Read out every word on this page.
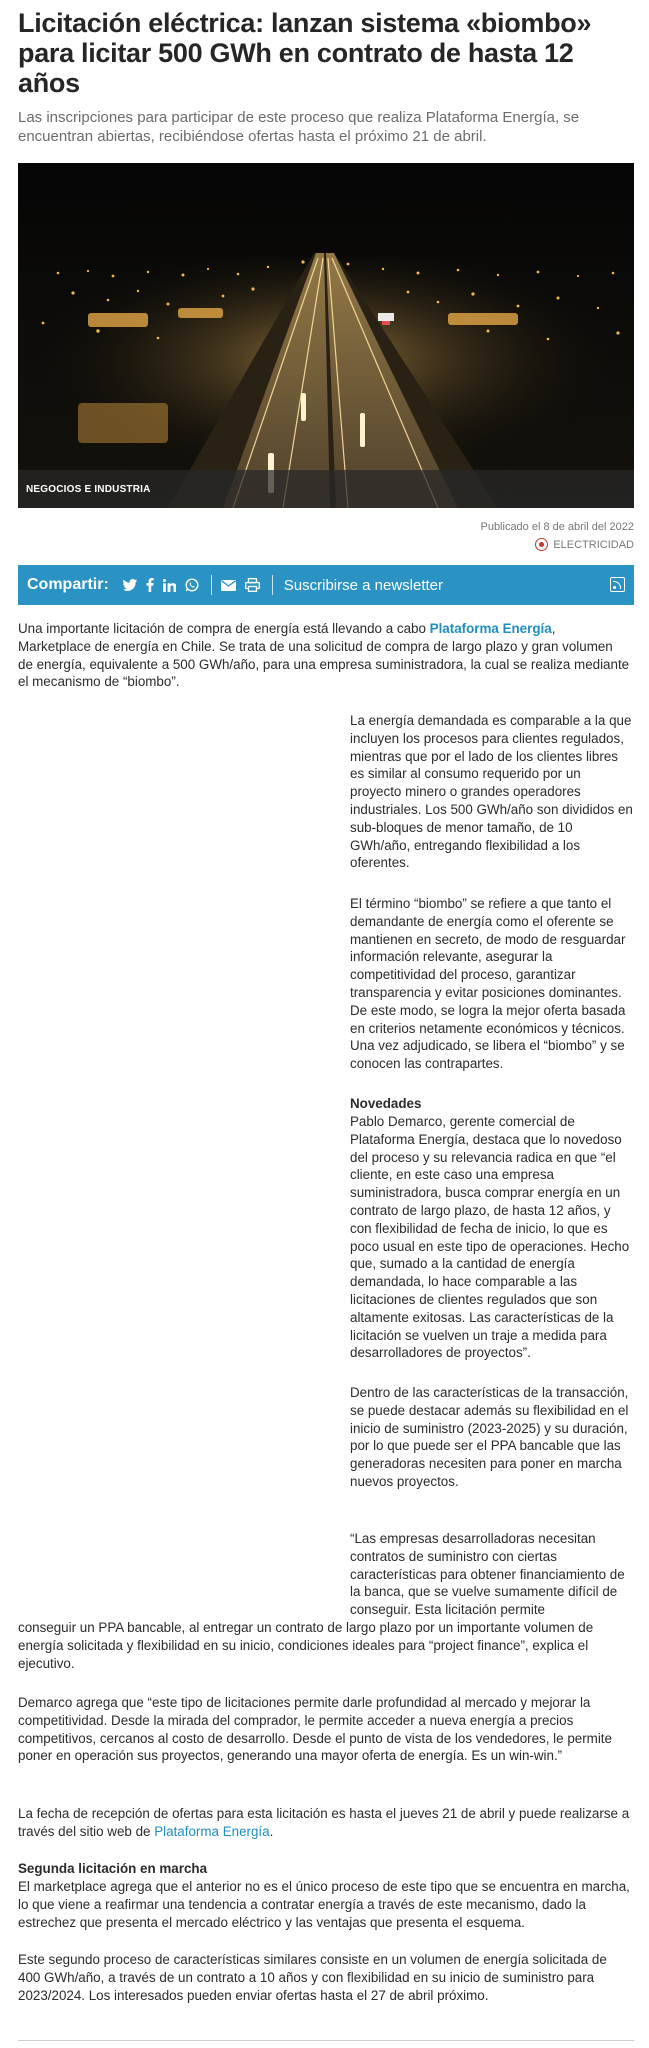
Licitación eléctrica: lanzan sistema «biombo» para licitar 500 GWh en contrato de hasta 12 años

Las inscripciones para participar de este proceso que realiza Plataforma Energía, se encuentran abiertas, recibiéndose ofertas hasta el próximo 21 de abril.

NEGOCIOS E INDUSTRIA
Publicado el 8 de abril del 2022
ELECTRICIDAD
Compartir:	Suscribirse a newsletter

Una importante licitación de compra de energía está llevando a cabo Plataforma Energía, Marketplace de energía en Chile. Se trata de una solicitud de compra de largo plazo y gran volumen de energía, equivalente a 500 GWh/año, para una empresa suministradora, la cual se realiza mediante el mecanismo de “biombo”.

La energía demandada es comparable a la que incluyen los procesos para clientes regulados, mientras que por el lado de los clientes libres es similar al consumo requerido por un proyecto minero o grandes operadores industriales. Los 500 GWh/año son divididos en sub-bloques de menor tamaño, de 10 GWh/año, entregando flexibilidad a los oferentes.

El término “biombo” se refiere a que tanto el demandante de energía como el oferente se mantienen en secreto, de modo de resguardar información relevante, asegurar la competitividad del proceso, garantizar transparencia y evitar posiciones dominantes. De este modo, se logra la mejor oferta basada en criterios netamente económicos y técnicos. Una vez adjudicado, se libera el “biombo” y se conocen las contrapartes.

Novedades

Pablo Demarco, gerente comercial de Plataforma Energía, destaca que lo novedoso del proceso y su relevancia radica en que “el cliente, en este caso una empresa suministradora, busca comprar energía en un contrato de largo plazo, de hasta 12 años, y con flexibilidad de fecha de inicio, lo que es poco usual en este tipo de operaciones. Hecho que, sumado a la cantidad de energía demandada, lo hace comparable a las licitaciones de clientes regulados que son altamente exitosas. Las características de la licitación se vuelven un traje a medida para desarrolladores de proyectos”.

Dentro de las características de la transacción, se puede destacar además su flexibilidad en el inicio de suministro (2023-2025) y su duración, por lo que puede ser el PPA bancable que las generadoras necesiten para poner en marcha nuevos proyectos.

“Las empresas desarrolladoras necesitan contratos de suministro con ciertas características para obtener financiamiento de la banca, que se vuelve sumamente difícil de conseguir. Esta licitación permite

conseguir un PPA bancable, al entregar un contrato de largo plazo por un importante volumen de energía solicitada y flexibilidad en su inicio, condiciones ideales para “project finance”, explica el ejecutivo.

Demarco agrega que “este tipo de licitaciones permite darle profundidad al mercado y mejorar la competitividad. Desde la mirada del comprador, le permite acceder a nueva energía a precios competitivos, cercanos al costo de desarrollo. Desde el punto de vista de los vendedores, le permite poner en operación sus proyectos, generando una mayor oferta de energía. Es un win-win.”

La fecha de recepción de ofertas para esta licitación es hasta el jueves 21 de abril y puede realizarse a través del sitio web de Plataforma Energía.

Segunda licitación en marcha

El marketplace agrega que el anterior no es el único proceso de este tipo que se encuentra en marcha, lo que viene a reafirmar una tendencia a contratar energía a través de este mecanismo, dado la estrechez que presenta el mercado eléctrico y las ventajas que presenta el esquema.

Este segundo proceso de características similares consiste en un volumen de energía solicitada de 400 GWh/año, a través de un contrato a 10 años y con flexibilidad en su inicio de suministro para 2023/2024. Los interesados pueden enviar ofertas hasta el 27 de abril próximo.
